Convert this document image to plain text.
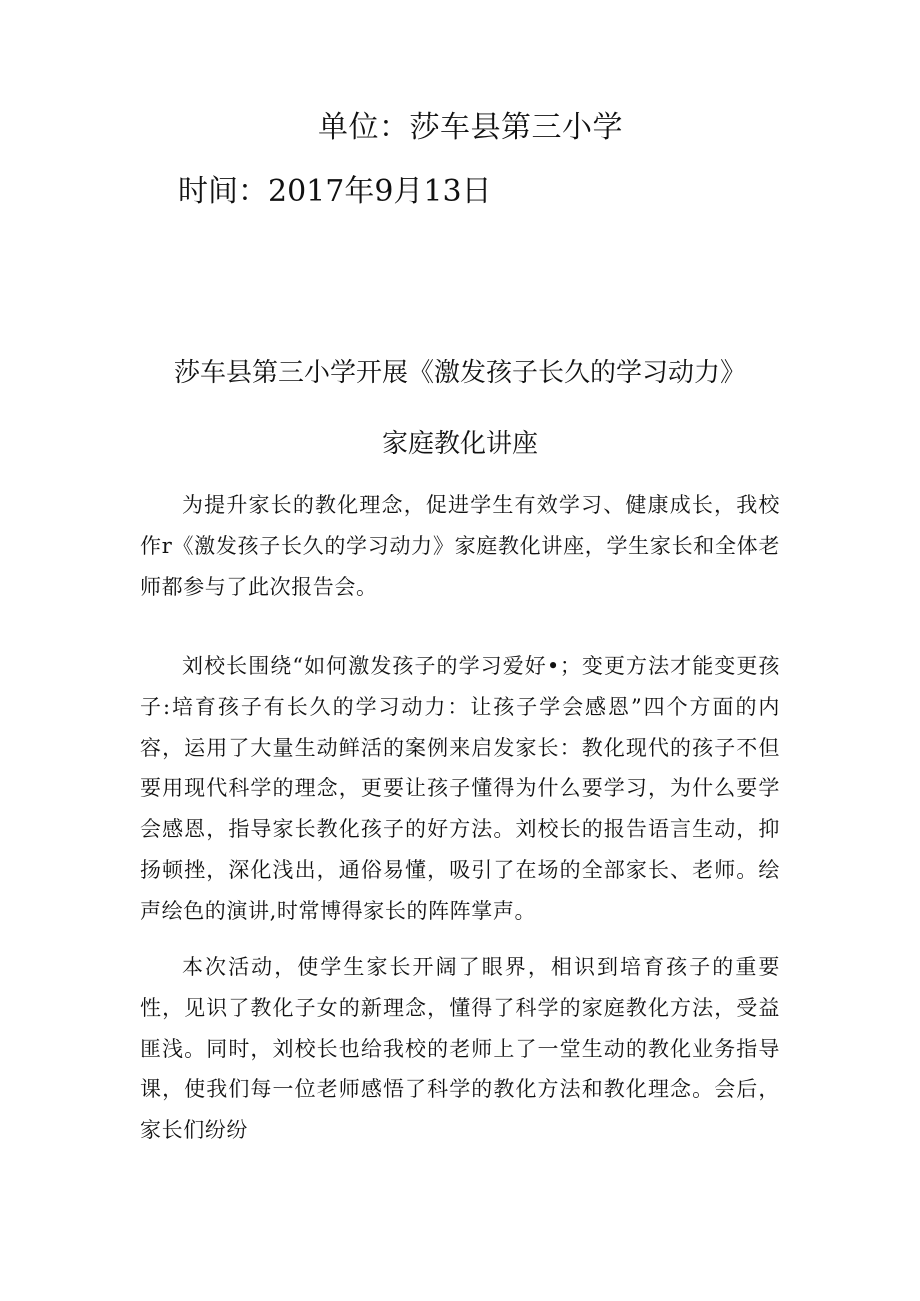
单位：莎车县第三小学
时间：2017年9月13日
莎车县第三小学开展《激发孩子长久的学习动力》
家庭教化讲座

为提升家长的教化理念，促进学生有效学习、健康成长，我校作r《激发孩子长久的学习动力》家庭教化讲座，学生家长和全体老师都参与了此次报告会。

刘校长围绕“如何激发孩子的学习爱好•；变更方法才能变更孩子:培育孩子有长久的学习动力：让孩子学会感恩”四个方面的内容，运用了大量生动鲜活的案例来启发家长：教化现代的孩子不但要用现代科学的理念，更要让孩子懂得为什么要学习，为什么要学会感恩，指导家长教化孩子的好方法。刘校长的报告语言生动，抑扬顿挫，深化浅出，通俗易懂，吸引了在场的全部家长、老师。绘声绘色的演讲,时常博得家长的阵阵掌声。

本次活动，使学生家长开阔了眼界，相识到培育孩子的重要性，见识了教化子女的新理念，懂得了科学的家庭教化方法，受益匪浅。同时，刘校长也给我校的老师上了一堂生动的教化业务指导课，使我们每一位老师感悟了科学的教化方法和教化理念。会后，家长们纷纷
